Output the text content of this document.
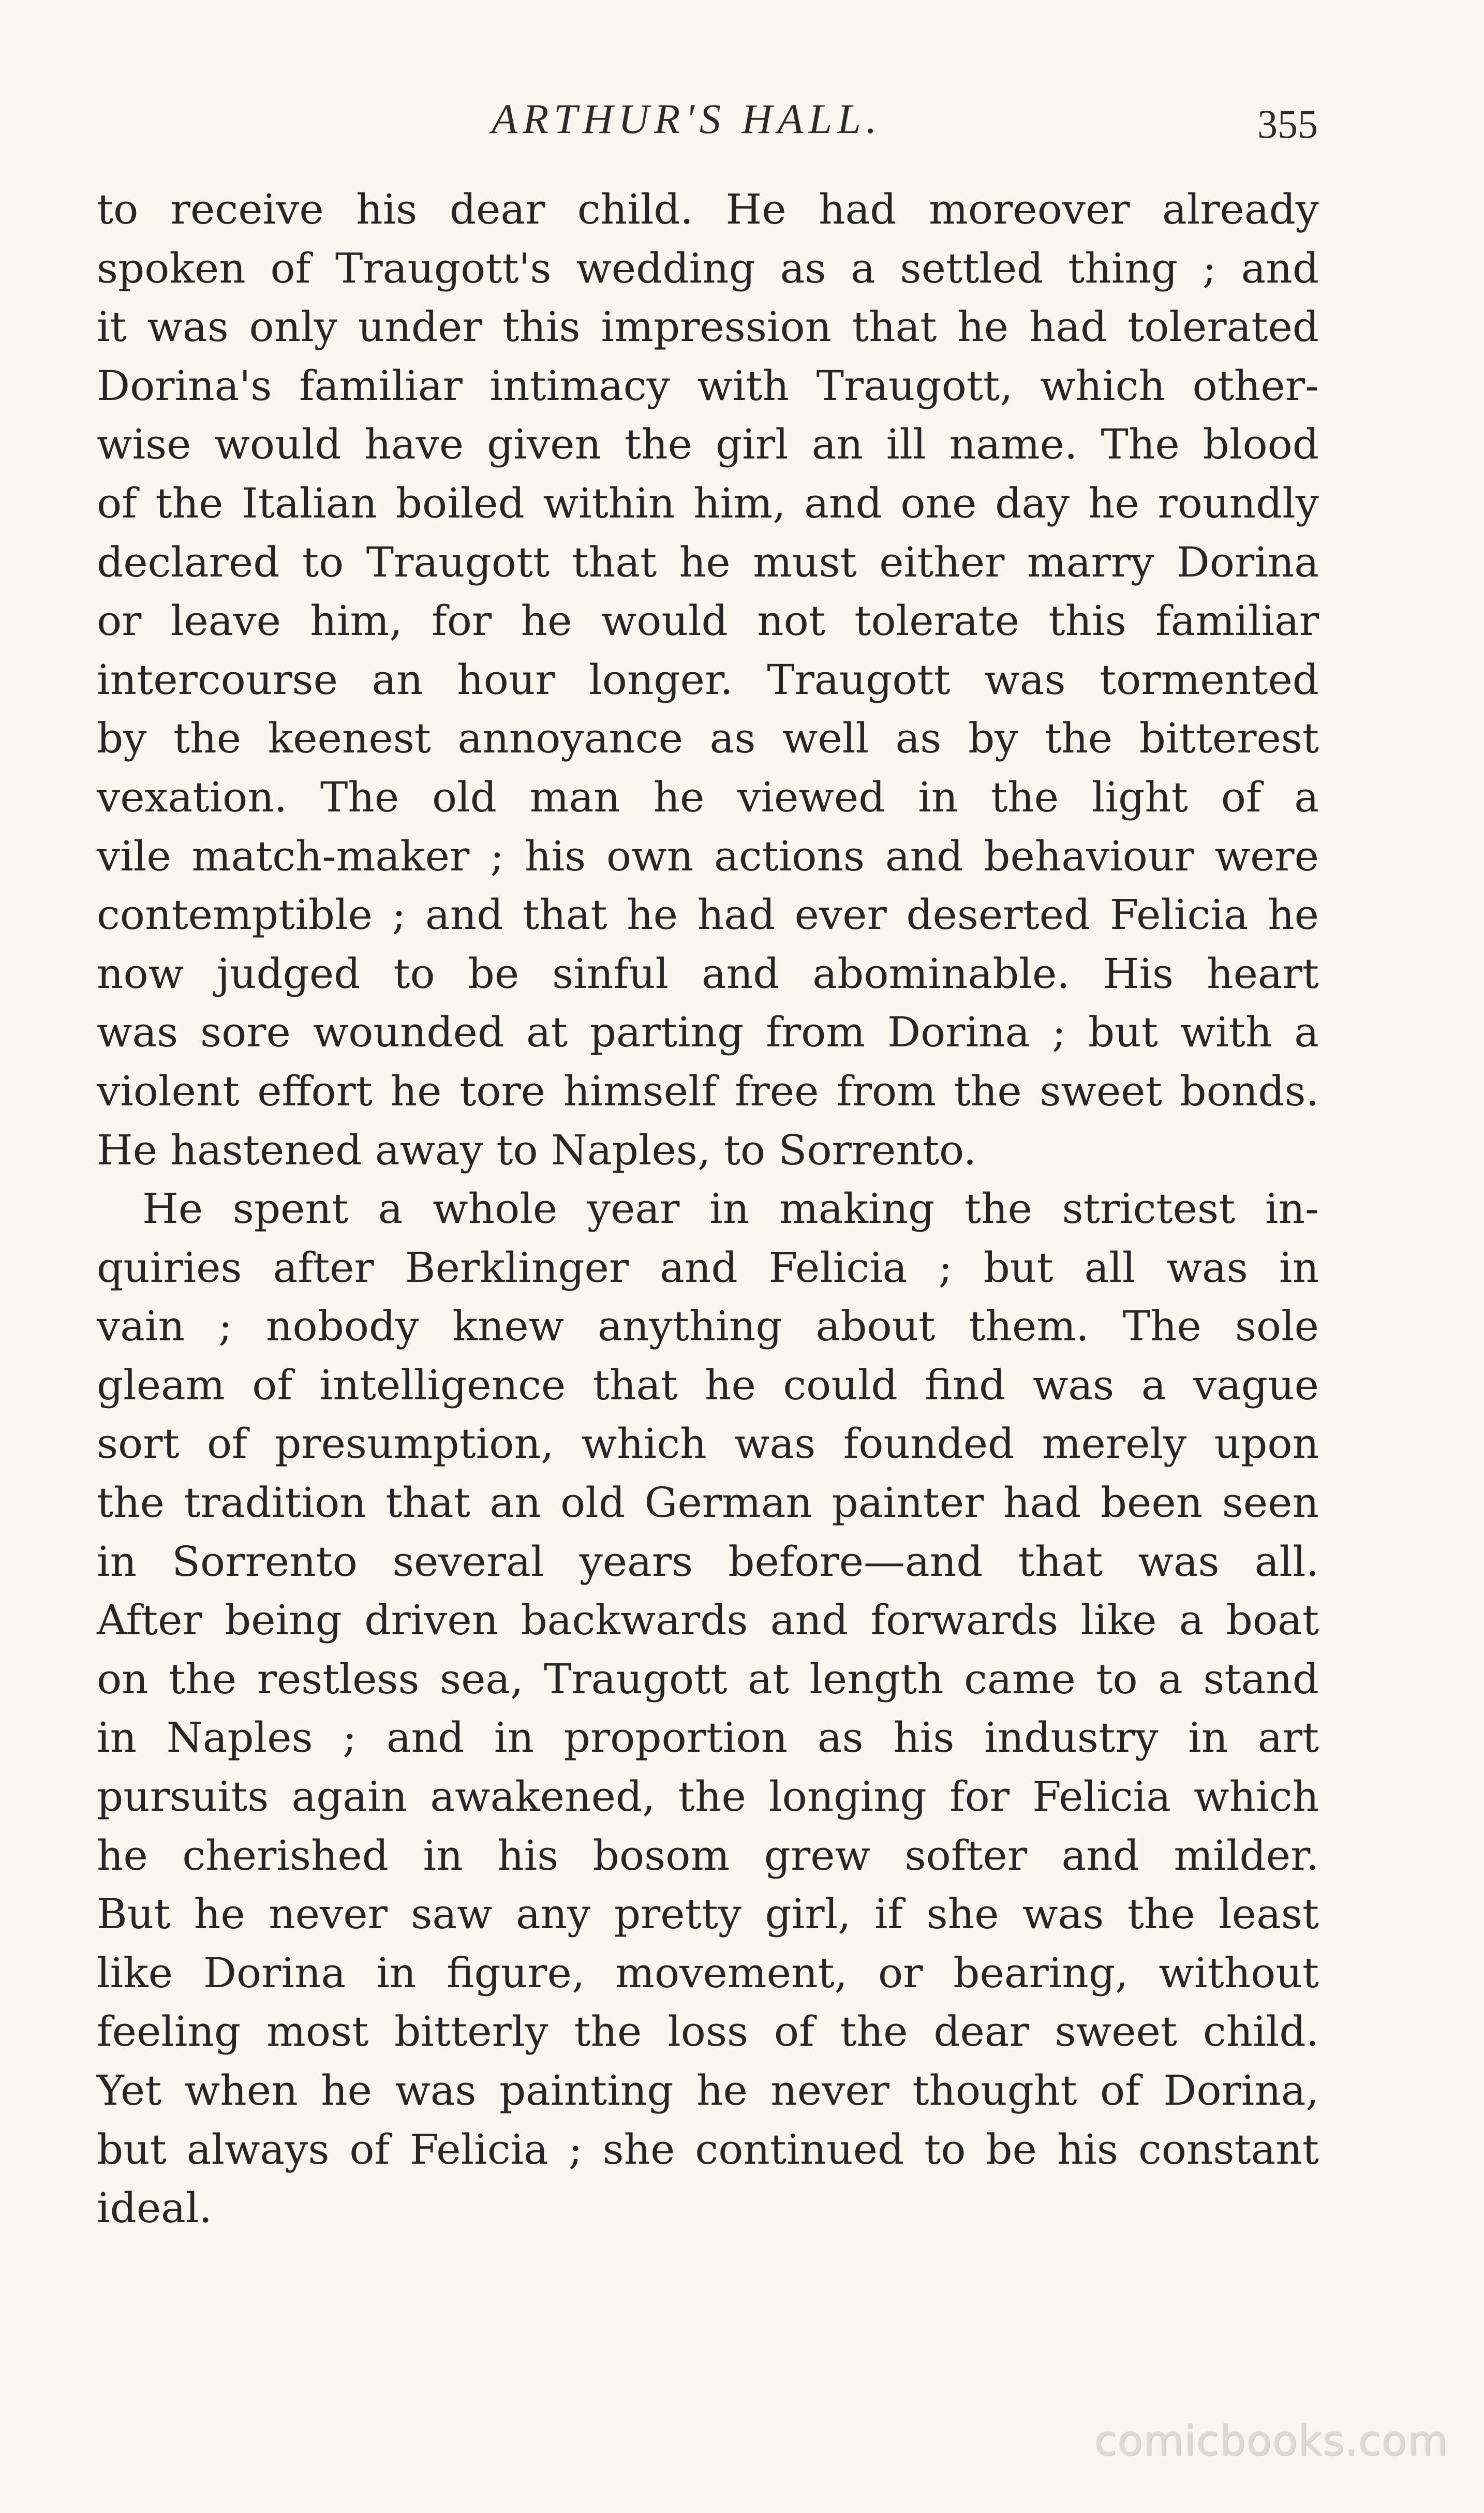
ARTHUR'S HALL.	355
to receive his dear child. He had moreover already
spoken of Traugott's wedding as a settled thing ; and
it was only under this impression that he had tolerated
Dorina's familiar intimacy with Traugott, which other-
wise would have given the girl an ill name. The blood
of the Italian boiled within him, and one day he roundly
declared to Traugott that he must either marry Dorina
or leave him, for he would not tolerate this familiar
intercourse an hour longer. Traugott was tormented
by the keenest annoyance as well as by the bitterest
vexation. The old man he viewed in the light of a
vile match-maker ; his own actions and behaviour were
contemptible ; and that he had ever deserted Felicia he
now judged to be sinful and abominable. His heart
was sore wounded at parting from Dorina ; but with a
violent effort he tore himself free from the sweet bonds.
He hastened away to Naples, to Sorrento.
He spent a whole year in making the strictest in-
quiries after Berklinger and Felicia ; but all was in
vain ; nobody knew anything about them. The sole
gleam of intelligence that he could find was a vague
sort of presumption, which was founded merely upon
the tradition that an old German painter had been seen
in Sorrento several years before—and that was all.
After being driven backwards and forwards like a boat
on the restless sea, Traugott at length came to a stand
in Naples ; and in proportion as his industry in art
pursuits again awakened, the longing for Felicia which
he cherished in his bosom grew softer and milder.
But he never saw any pretty girl, if she was the least
like Dorina in figure, movement, or bearing, without
feeling most bitterly the loss of the dear sweet child.
Yet when he was painting he never thought of Dorina,
but always of Felicia ; she continued to be his constant
ideal.
comicbooks.com
